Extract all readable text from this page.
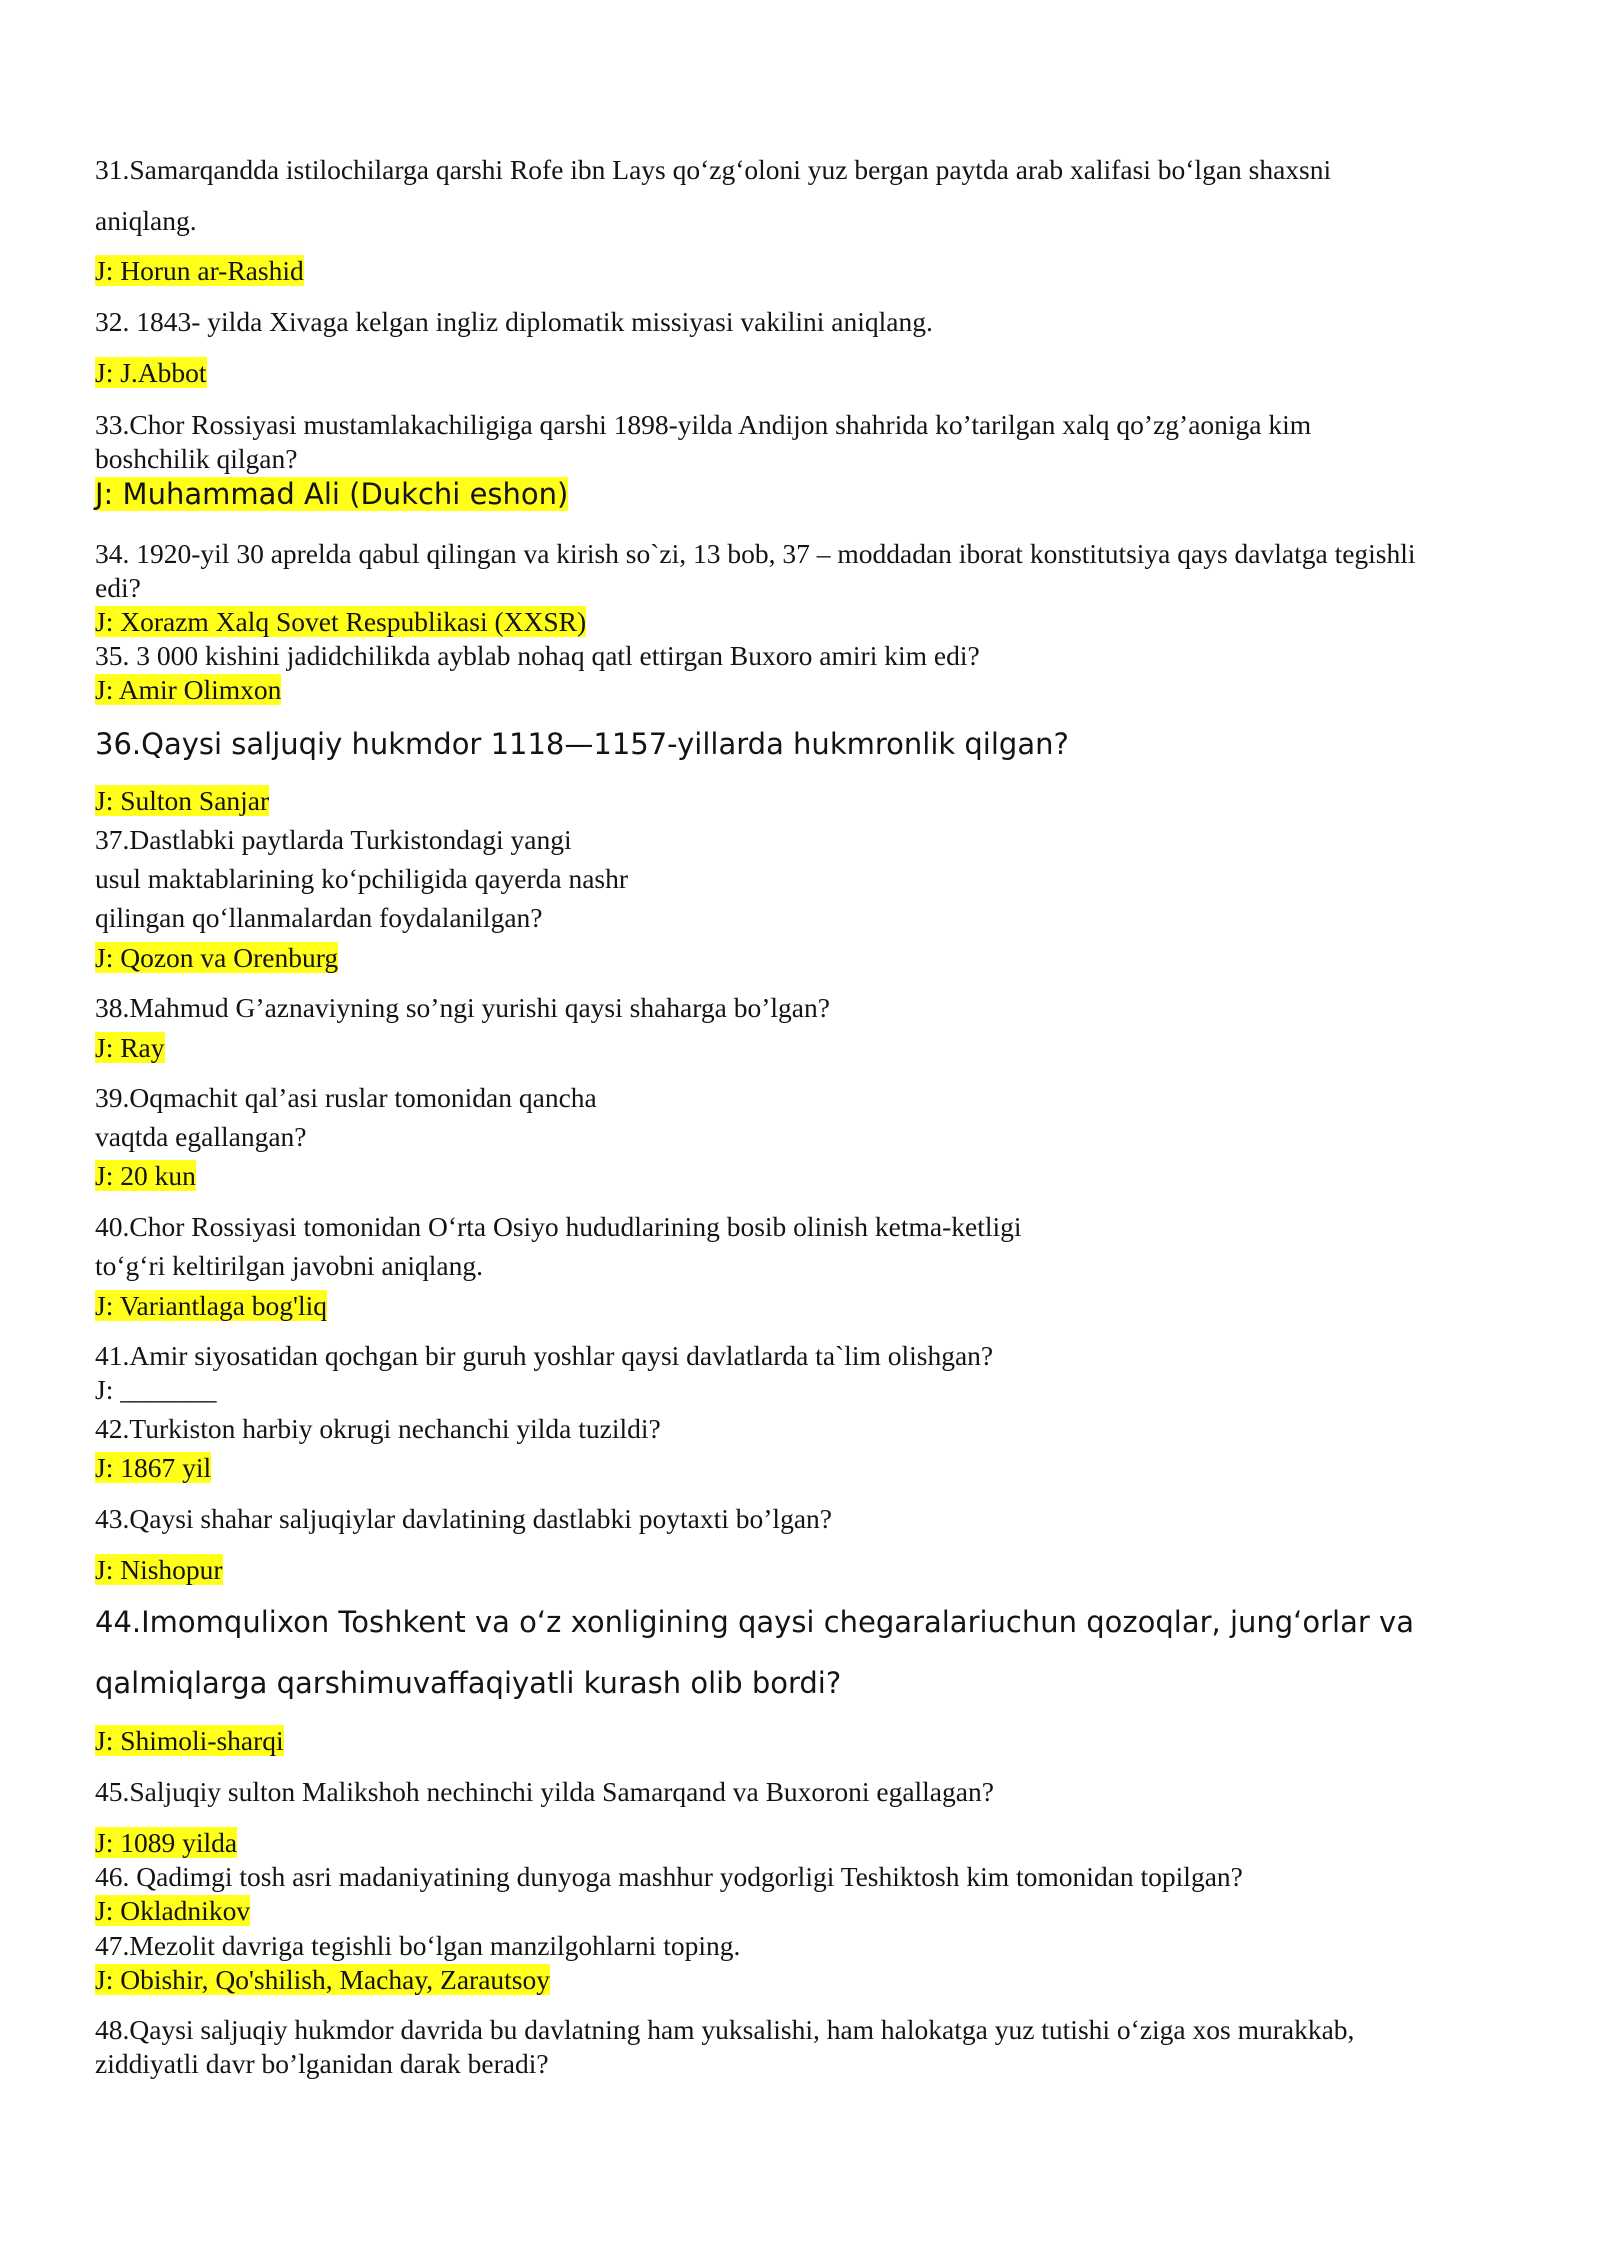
31.Samarqandda istilochilarga qarshi Rofe ibn Lays qo‘zg‘oloni yuz bergan paytda arab xalifasi bo‘lgan shaxsni
aniqlang.
J: Horun ar-Rashid
32. 1843- yilda Xivaga kelgan ingliz diplomatik missiyasi vakilini aniqlang.
J: J.Abbot
33.Chor Rossiyasi mustamlakachiligiga qarshi 1898-yilda Andijon shahrida ko’tarilgan xalq qo’zg’aoniga kim
boshchilik qilgan?
J: Muhammad Ali (Dukchi eshon)
34. 1920-yil 30 aprelda qabul qilingan va kirish so`zi, 13 bob, 37 – moddadan iborat konstitutsiya qays davlatga tegishli
edi?
J: Xorazm Xalq Sovet Respublikasi (XXSR)
35. 3 000 kishini jadidchilikda ayblab nohaq qatl ettirgan Buxoro amiri kim edi?
J: Amir Olimxon
36.Qaysi saljuqiy hukmdor 1118—1157-yillarda hukmronlik qilgan?
J: Sulton Sanjar
37.Dastlabki paytlarda Turkistondagi yangi
usul maktablarining ko‘pchiligida qayerda nashr
qilingan qo‘llanmalardan foydalanilgan?
J: Qozon va Orenburg
38.Mahmud G’aznaviyning so’ngi yurishi qaysi shaharga bo’lgan?
J: Ray
39.Oqmachit qal’asi ruslar tomonidan qancha
vaqtda egallangan?
J: 20 kun
40.Chor Rossiyasi tomonidan O‘rta Osiyo hududlarining bosib olinish ketma-ketligi
to‘g‘ri keltirilgan javobni aniqlang.
J: Variantlaga bog'liq
41.Amir siyosatidan qochgan bir guruh yoshlar qaysi davlatlarda ta`lim olishgan?
J: _______
42.Turkiston harbiy okrugi nechanchi yilda tuzildi?
J: 1867 yil
43.Qaysi shahar saljuqiylar davlatining dastlabki poytaxti bo’lgan?
J: Nishopur
44.Imomqulixon Toshkent va o‘z xonligining qaysi chegaralariuchun qozoqlar, jung‘orlar va
qalmiqlarga qarshimuvaffaqiyatli kurash olib bordi?
J: Shimoli-sharqi
45.Saljuqiy sulton Malikshoh nechinchi yilda Samarqand va Buxoroni egallagan?
J: 1089 yilda
46. Qadimgi tosh asri madaniyatining dunyoga mashhur yodgorligi Teshiktosh kim tomonidan topilgan?
J: Okladnikov
47.Mezolit davriga tegishli bo‘lgan manzilgohlarni toping.
J: Obishir, Qo'shilish, Machay, Zarautsoy
48.Qaysi saljuqiy hukmdor davrida bu davlatning ham yuksalishi, ham halokatga yuz tutishi o‘ziga xos murakkab,
ziddiyatli davr bo’lganidan darak beradi?
